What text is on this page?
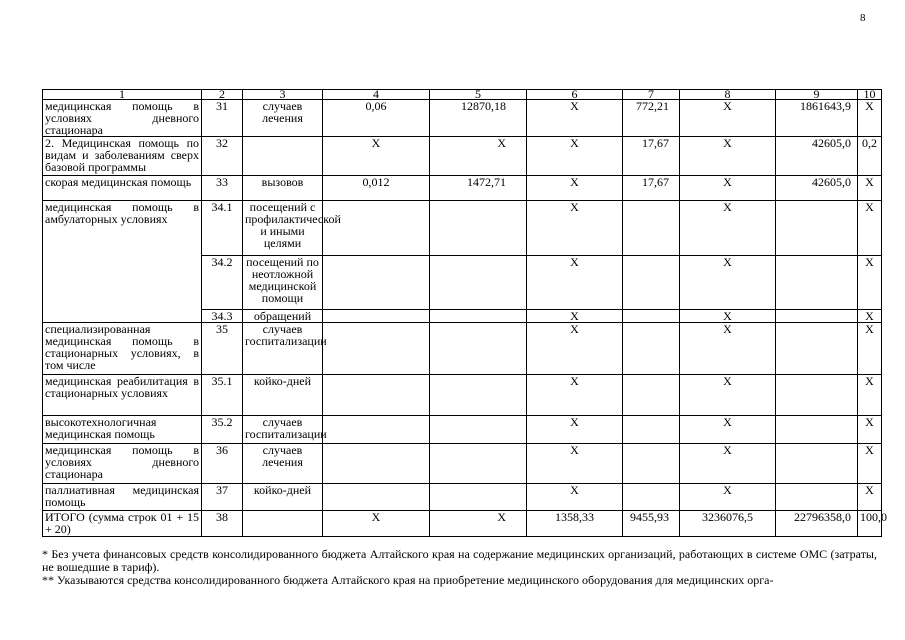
8
1	2	3	4	5	6	7	8	9	10
медицинская помощь в условиях дневного стационара	31	случаев лечения	0,06	12870,18	X	772,21	X	1861643,9	X
2. Медицинская помощь по видам и заболеваниям сверх базовой программы	32		X	X	X	17,67	X	42605,0	0,2
скорая медицинская помощь	33	вызовов	0,012	1472,71	X	17,67	X	42605,0	X
медицинская помощь в амбулаторных условиях	34.1	посещений с профилактической и иными целями			X		X		X
	34.2	посещений по неотложной медицинской помощи			X		X		X
	34.3	обращений			X		X		X
специализированная медицинская помощь в стационарных условиях, в том числе	35	случаев госпитализации			X		X		X
медицинская реабилитация в стационарных условиях	35.1	койко-дней			X		X		X
высокотехнологичная медицинская помощь	35.2	случаев госпитализации			X		X		X
медицинская помощь в условиях дневного стационара	36	случаев лечения			X		X		X
паллиативная медицинская помощь	37	койко-дней			X		X		X
ИТОГО (сумма строк 01 + 15 + 20)	38		X	X	1358,33	9455,93	3236076,5	22796358,0	100,0

* Без учета финансовых средств консолидированного бюджета Алтайского края на содержание медицинских организаций, работающих в системе ОМС (затраты, не вошедшие в тариф).

** Указываются средства консолидированного бюджета Алтайского края на приобретение медицинского оборудования для медицинских орга-
